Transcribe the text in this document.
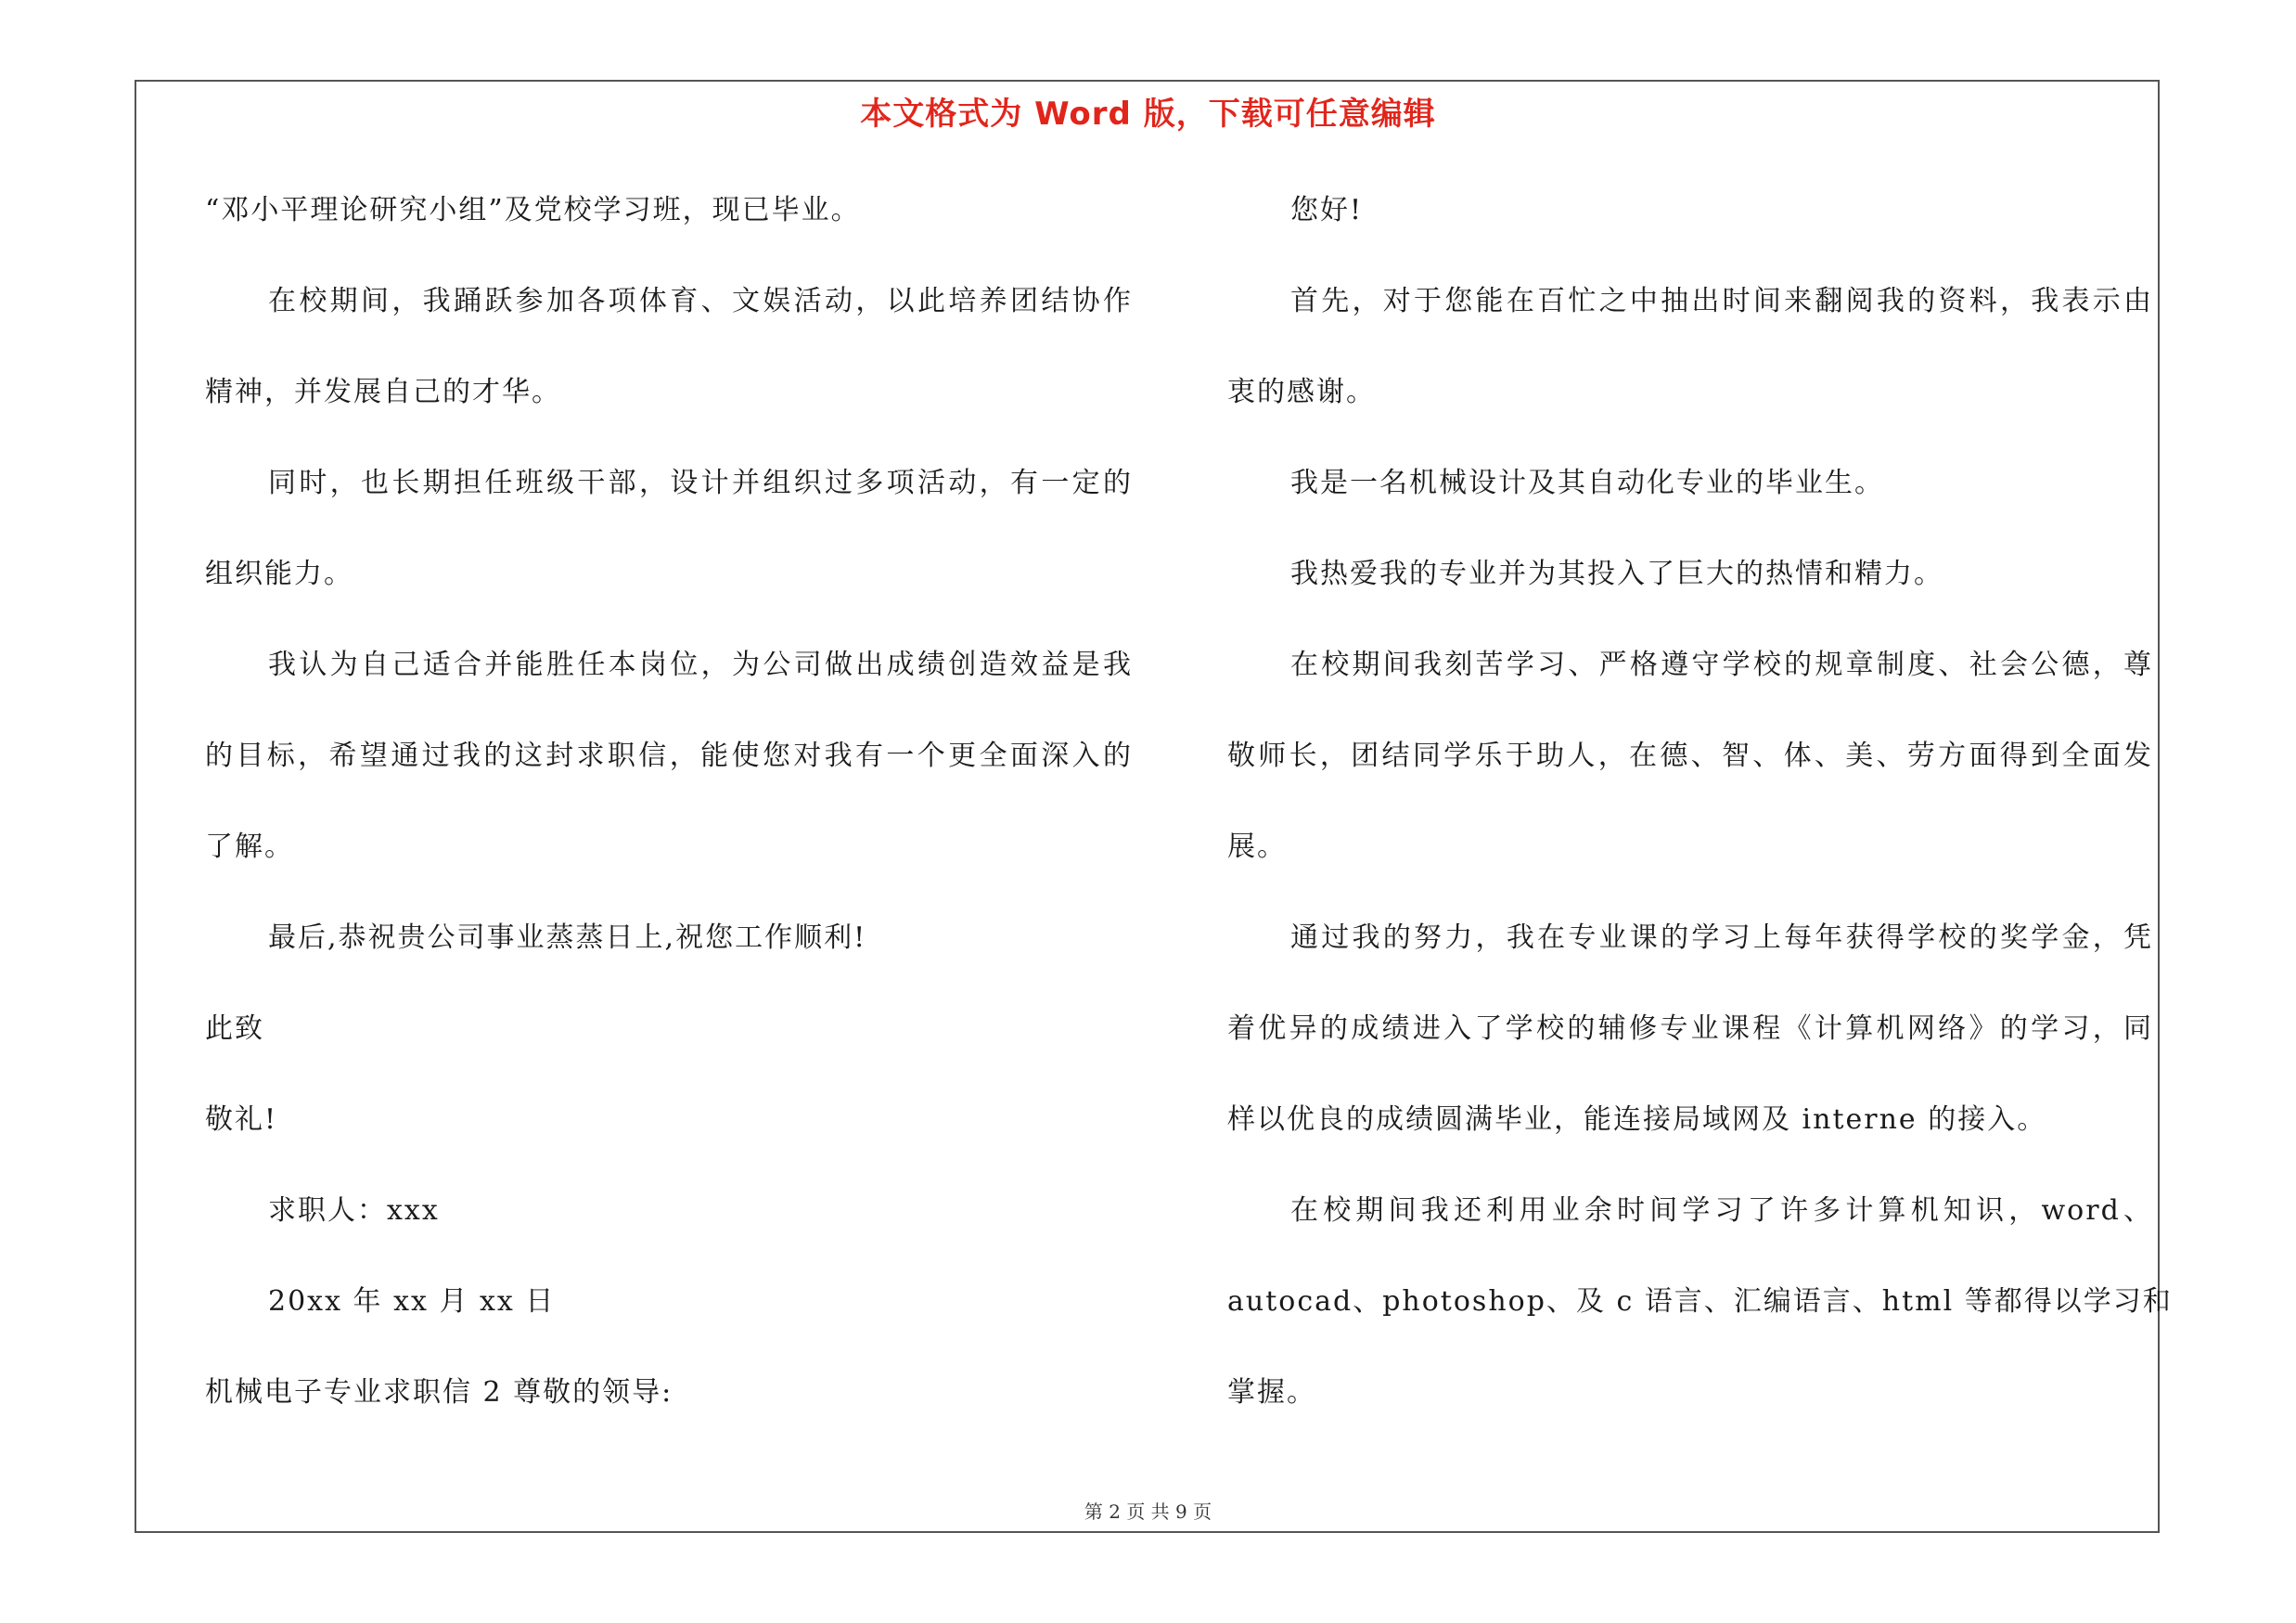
本文格式为 Word 版，下载可任意编辑
“邓小平理论研究小组”及党校学习班，现已毕业。
在校期间，我踊跃参加各项体育、文娱活动，以此培养团结协作
精神，并发展自己的才华。
同时，也长期担任班级干部，设计并组织过多项活动，有一定的
组织能力。
我认为自己适合并能胜任本岗位，为公司做出成绩创造效益是我
的目标，希望通过我的这封求职信，能使您对我有一个更全面深入的
了解。
最后,恭祝贵公司事业蒸蒸日上,祝您工作顺利!
此致
敬礼!
求职人：xxx
20xx 年 xx 月 xx 日
机械电子专业求职信 2 尊敬的领导:
您好!
首先，对于您能在百忙之中抽出时间来翻阅我的资料，我表示由
衷的感谢。
我是一名机械设计及其自动化专业的毕业生。
我热爱我的专业并为其投入了巨大的热情和精力。
在校期间我刻苦学习、严格遵守学校的规章制度、社会公德，尊
敬师长，团结同学乐于助人，在德、智、体、美、劳方面得到全面发
展。
通过我的努力，我在专业课的学习上每年获得学校的奖学金，凭
着优异的成绩进入了学校的辅修专业课程《计算机网络》的学习，同
样以优良的成绩圆满毕业，能连接局域网及 interne 的接入。
在校期间我还利用业余时间学习了许多计算机知识，word、
autocad、photoshop、及 c 语言、汇编语言、html 等都得以学习和
掌握。
第 2 页 共 9 页
